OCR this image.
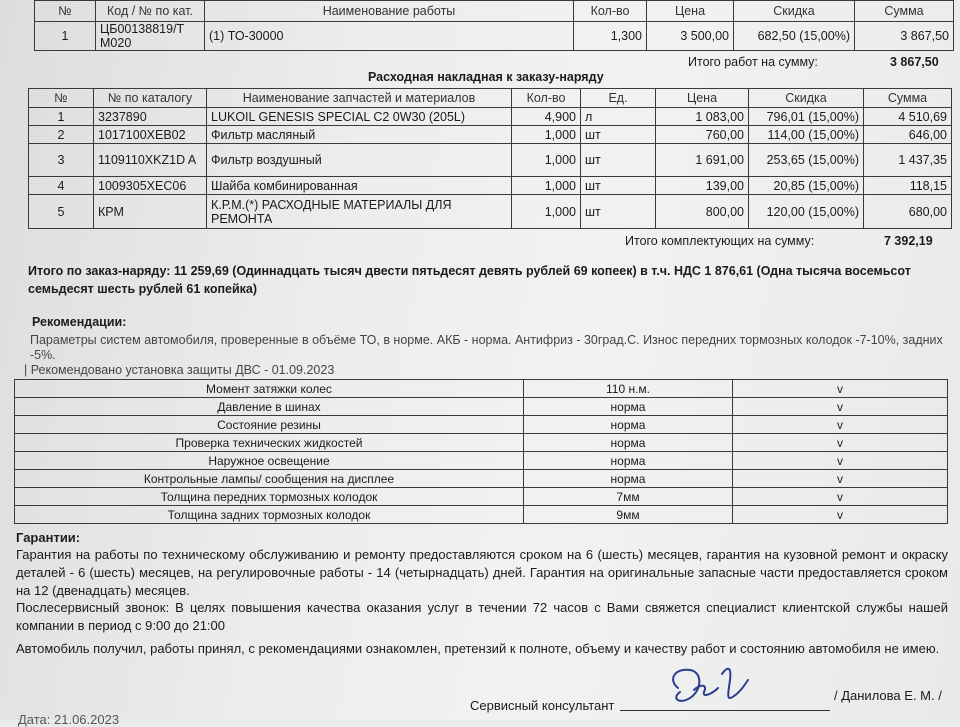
№	Код / № по кат.	Наименование работы	Кол-во	Цена	Скидка	Сумма
1	ЦБ00138819/Т М020	(1) ТО-30000	1,300	3 500,00	682,50 (15,00%)	3 867,50
Итого работ на сумму:	3 867,50
Расходная накладная к заказу-наряду
№	№ по каталогу	Наименование запчастей и материалов	Кол-во	Ед.	Цена	Скидка	Сумма
1	3237890	LUKOIL GENESIS SPECIAL C2 0W30 (205L)	4,900	л	1 083,00	796,01 (15,00%)	4 510,69
2	1017100XEB02	Фильтр масляный	1,000	шт	760,00	114,00 (15,00%)	646,00
3	1109110XKZ1D A	Фильтр воздушный	1,000	шт	1 691,00	253,65 (15,00%)	1 437,35
4	1009305XEC06	Шайба комбинированная	1,000	шт	139,00	20,85 (15,00%)	118,15
5	КРМ	К.Р.М.(*) РАСХОДНЫЕ МАТЕРИАЛЫ ДЛЯ РЕМОНТА	1,000	шт	800,00	120,00 (15,00%)	680,00
Итого комплектующих на сумму:	7 392,19
Итого по заказ-наряду: 11 259,69 (Одиннадцать тысяч двести пятьдесят девять рублей 69 копеек) в т.ч. НДС 1 876,61 (Одна тысяча восемьсот семьдесят шесть рублей 61 копейка)
Рекомендации:
Параметры систем автомобиля, проверенные в объёме ТО, в норме. АКБ - норма. Антифриз - 30град.С. Износ передних тормозных колодок -7-10%, задних -5%.
| Рекомендовано установка защиты ДВС - 01.09.2023
Момент затяжки колес	110 н.м.	v
Давление в шинах	норма	v
Состояние резины	норма	v
Проверка технических жидкостей	норма	v
Наружное освещение	норма	v
Контрольные лампы/ сообщения на дисплее	норма	v
Толщина передних тормозных колодок	7мм	v
Толщина задних тормозных колодок	9мм	v
Гарантии:
Гарантия на работы по техническому обслуживанию и ремонту предоставляются сроком на 6 (шесть) месяцев, гарантия на кузовной ремонт и окраску деталей - 6 (шесть) месяцев, на регулировочные работы - 14 (четырнадцать) дней. Гарантия на оригинальные запасные части предоставляется сроком на 12 (двенадцать) месяцев.
Послесервисный звонок: В целях повышения качества оказания услуг в течении 72 часов с Вами свяжется специалист клиентской службы нашей компании в период с 9:00 до 21:00
Автомобиль получил, работы принял, с рекомендациями ознакомлен, претензий к полноте, объему и качеству работ и состоянию автомобиля не имею.
Сервисный консультант
/ Данилова Е. М. /
Дата: 21.06.2023
